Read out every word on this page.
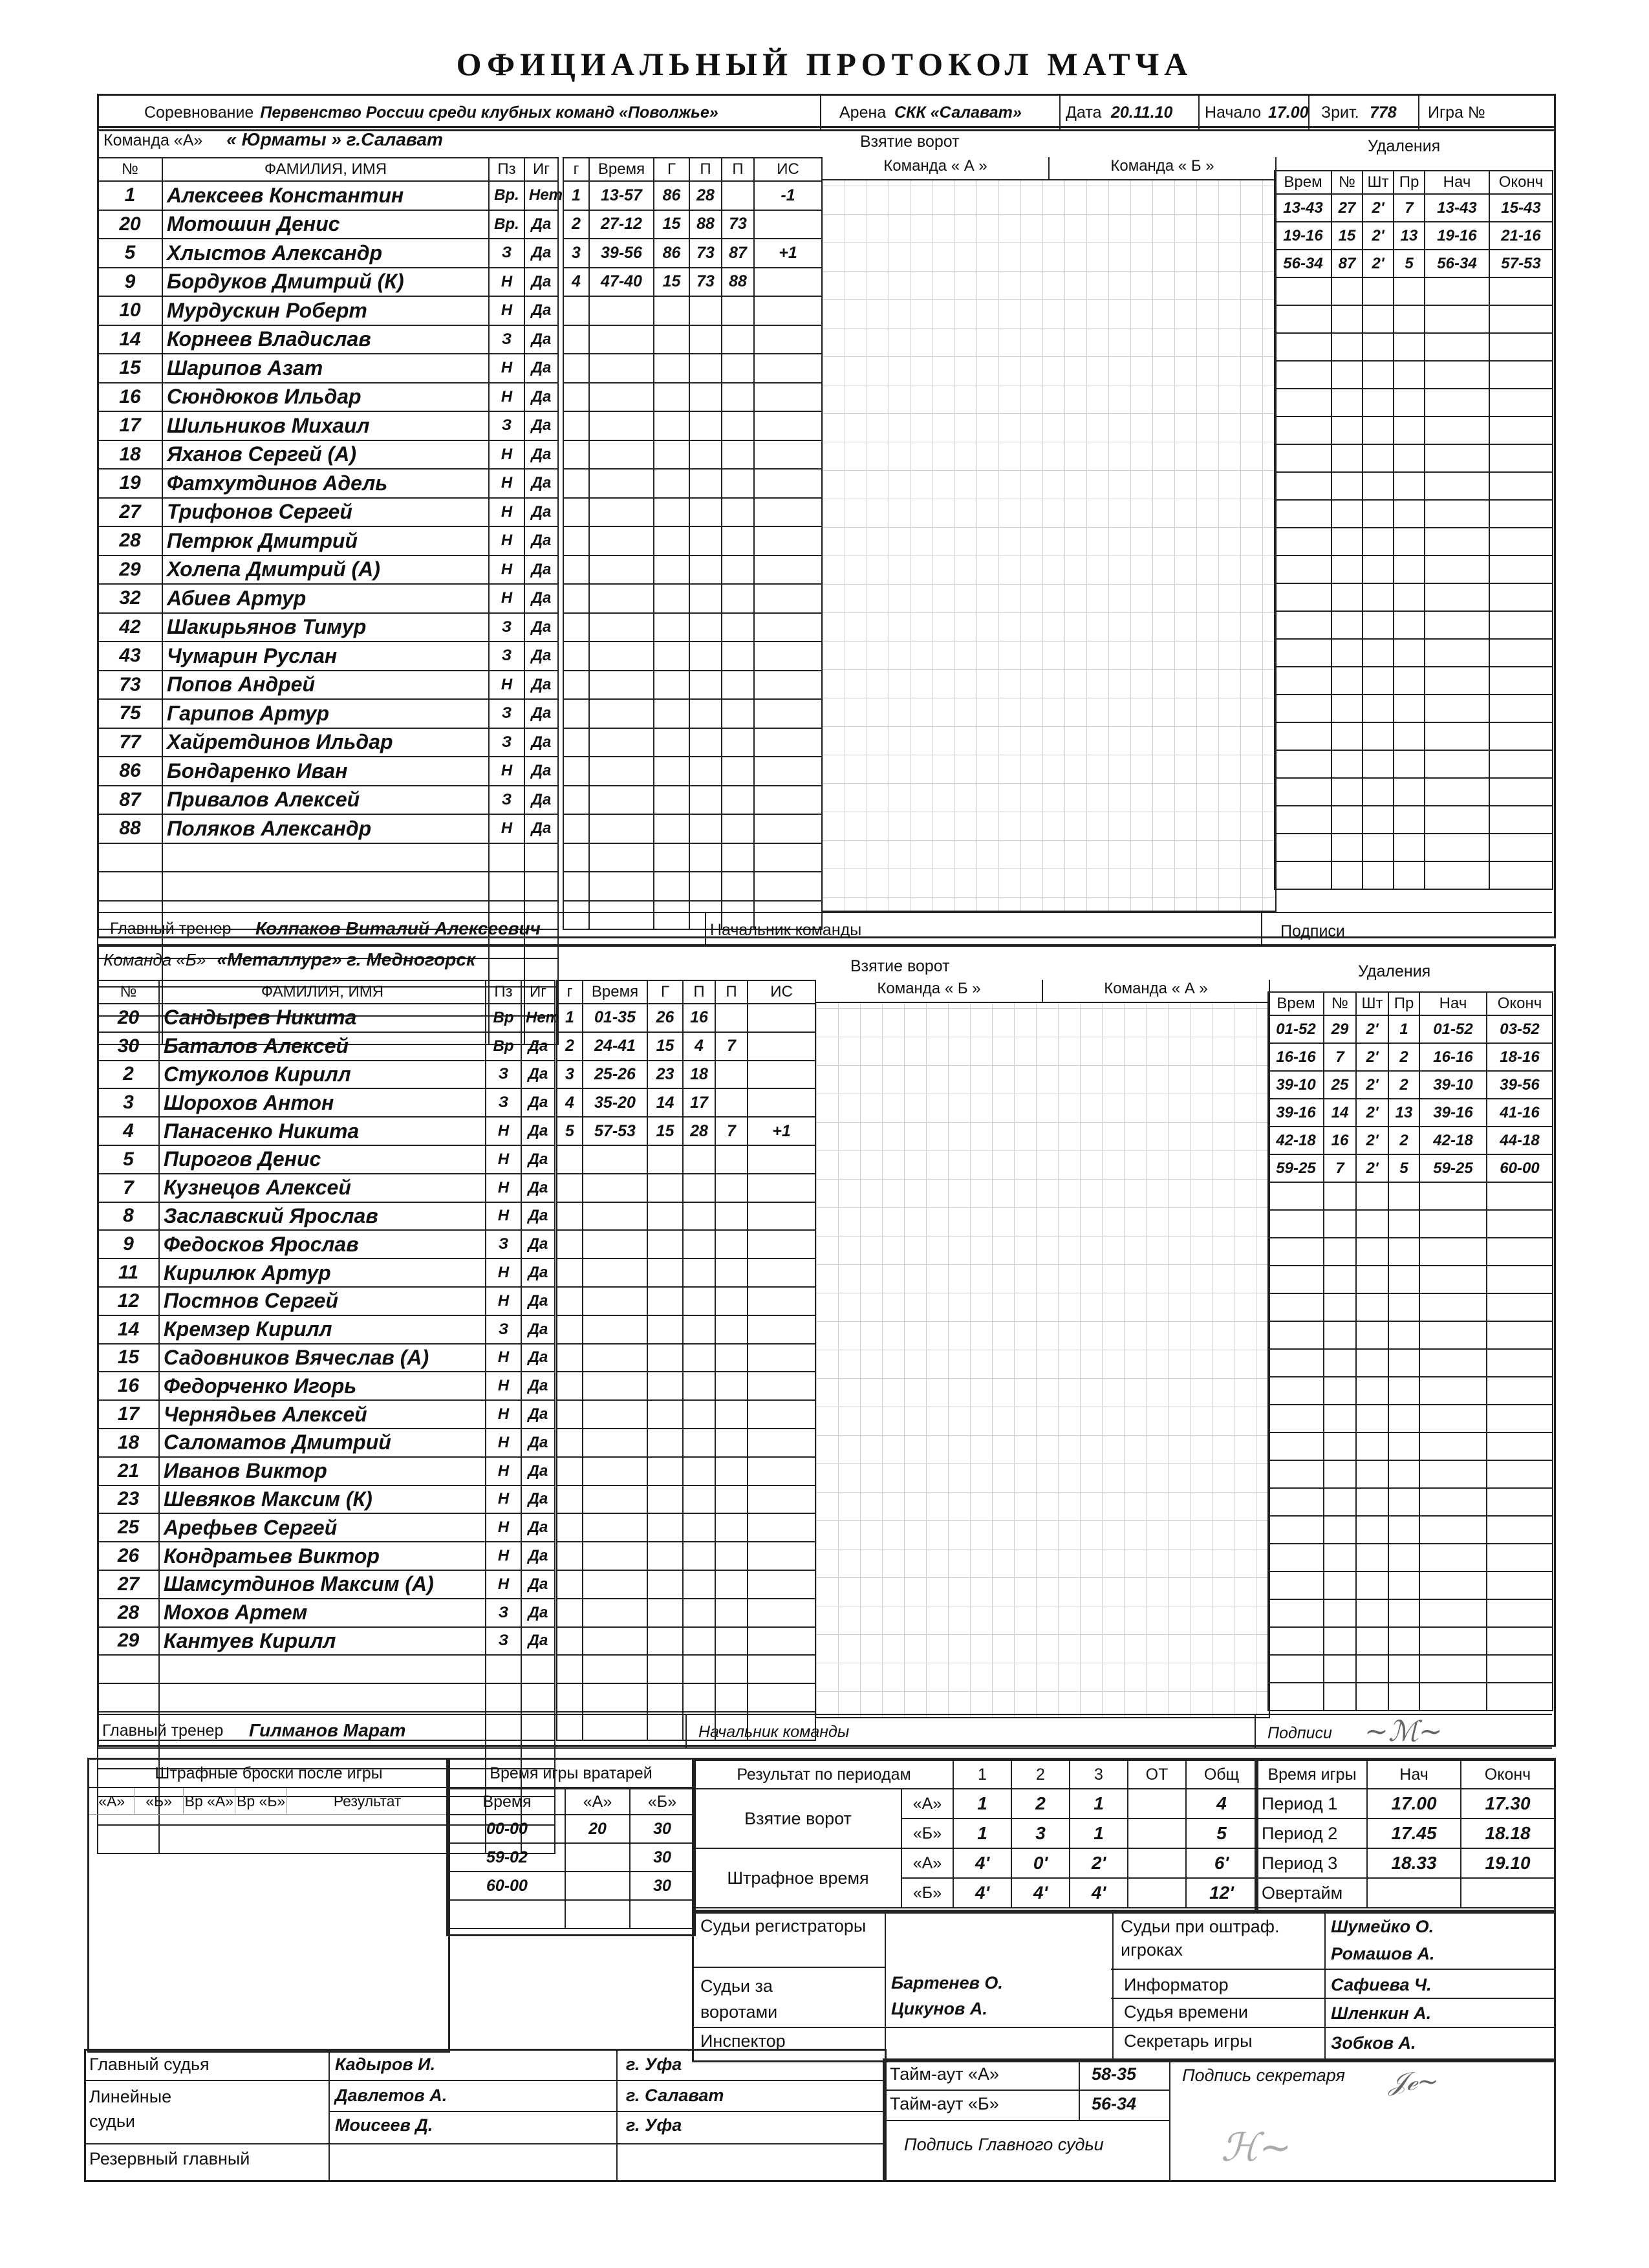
ОФИЦИАЛЬНЫЙ ПРОТОКОЛ МАТЧА
Соревнование Первенство России среди клубных команд «Поволжье»	Арена СКК «Салават»	Дата 20.11.10 Начало 17.00 Зрит. 778 Игра №
Команда «А» « Юрматы » г.Салават	Взятие ворот	Удаления
№	ФАМИЛИЯ, ИМЯ	Пз	Иг
1	Алексеев Константин	Вр.	Нет
20	Мотошин Денис	Вр.	Да
5	Хлыстов Александр	З	Да
9	Бордуков Дмитрий (К)	Н	Да
10	Мурдускин Роберт	Н	Да
14	Корнеев Владислав	З	Да
15	Шарипов Азат	Н	Да
16	Сюндюков Ильдар	Н	Да
17	Шильников Михаил	З	Да
18	Яханов Сергей (А)	Н	Да
19	Фатхутдинов Адель	Н	Да
27	Трифонов Сергей	Н	Да
28	Петрюк Дмитрий	Н	Да
29	Холепа Дмитрий (А)	Н	Да
32	Абиев Артур	Н	Да
42	Шакирьянов Тимур	З	Да
43	Чумарин Руслан	З	Да
73	Попов Андрей	Н	Да
75	Гарипов Артур	З	Да
77	Хайретдинов Ильдар	З	Да
86	Бондаренко Иван	Н	Да
87	Привалов Алексей	З	Да
88	Поляков Александр	Н	Да

г	Время	Г	П	П	ИС
1	13-57	86	28		-1
2	27-12	15	88	73	
3	39-56	86	73	87	+1
4	47-40	15	73	88	

Команда « А »	Команда « Б »
Врем	№	Шт	Пр	Нач	Оконч
13-43	27	2'	7	13-43	15-43
19-16	15	2'	13	19-16	21-16
56-34	87	2'	5	56-34	57-53

Главный тренер Колпаков Виталий Алексеевич	Начальник команды	Подписи
Команда «Б» «Металлург» г. Медногорск	Взятие ворот	Удаления
№	ФАМИЛИЯ, ИМЯ	Пз	Иг
20	Сандырев Никита	Вр	Нет
30	Баталов Алексей	Вр	Да
2	Стуколов Кирилл	З	Да
3	Шорохов Антон	З	Да
4	Панасенко Никита	Н	Да
5	Пирогов Денис	Н	Да
7	Кузнецов Алексей	Н	Да
8	Заславский Ярослав	Н	Да
9	Федосков Ярослав	З	Да
11	Кирилюк Артур	Н	Да
12	Постнов Сергей	Н	Да
14	Кремзер Кирилл	З	Да
15	Садовников Вячеслав (А)	Н	Да
16	Федорченко Игорь	Н	Да
17	Чернядьев Алексей	Н	Да
18	Саломатов Дмитрий	Н	Да
21	Иванов Виктор	Н	Да
23	Шевяков Максим (К)	Н	Да
25	Арефьев Сергей	Н	Да
26	Кондратьев Виктор	Н	Да
27	Шамсутдинов Максим (А)	Н	Да
28	Мохов Артем	З	Да
29	Кантуев Кирилл	З	Да

г	Время	Г	П	П	ИС
1	01-35	26	16		
2	24-41	15	4	7	
3	25-26	23	18		
4	35-20	14	17		
5	57-53	15	28	7	+1

Команда « Б »	Команда « А »
Врем	№	Шт	Пр	Нач	Оконч
01-52	29	2'	1	01-52	03-52
16-16	7	2'	2	16-16	18-16
39-10	25	2'	2	39-10	39-56
39-16	14	2'	13	39-16	41-16
42-18	16	2'	2	42-18	44-18
59-25	7	2'	5	59-25	60-00

Главный тренер Гилманов Марат	Начальник команды	Подписи ~ℳ~
Штрафные броски после игры
«А»	«Б» Вр «А» Вр «Б»	Результат
Время игры вратарей
Время	«А»	«Б»
00-00	20	30
59-02		30
60-00		30

Результат по периодам		1	2	3	ОТ	Общ
Взятие ворот	«А»	1	2	1		4
	«Б»	1	3	1		5
Штрафное время	«А»	4'	0'	2'		6'
	«Б»	4'	4'	4'		12'
Время игры	Нач	Оконч
Период 1	17.00	17.30
Период 2	17.45	18.18
Период 3	18.33	19.10
Овертайм		
Судьи регистраторы
Судьи за воротами
Бартенев О.
Цикунов А.
Инспектор
Судьи при оштраф. игроках
Шумейко О.
Ромашов А.
Информатор	Сафиева Ч.
Судья времени	Шленкин А.
Секретарь игры	Зобков А.
Главный судья	Кадыров И.	г. Уфа
Линейные судьи
Давлетов А.	г. Салават
Моисеев Д.	г. Уфа
Резервный главный
Тайм-аут «А»	58-35
Тайм-аут «Б»	56-34
Подпись секретаря 𝒥ℯ~
Подпись Главного судьи	ℋ~
